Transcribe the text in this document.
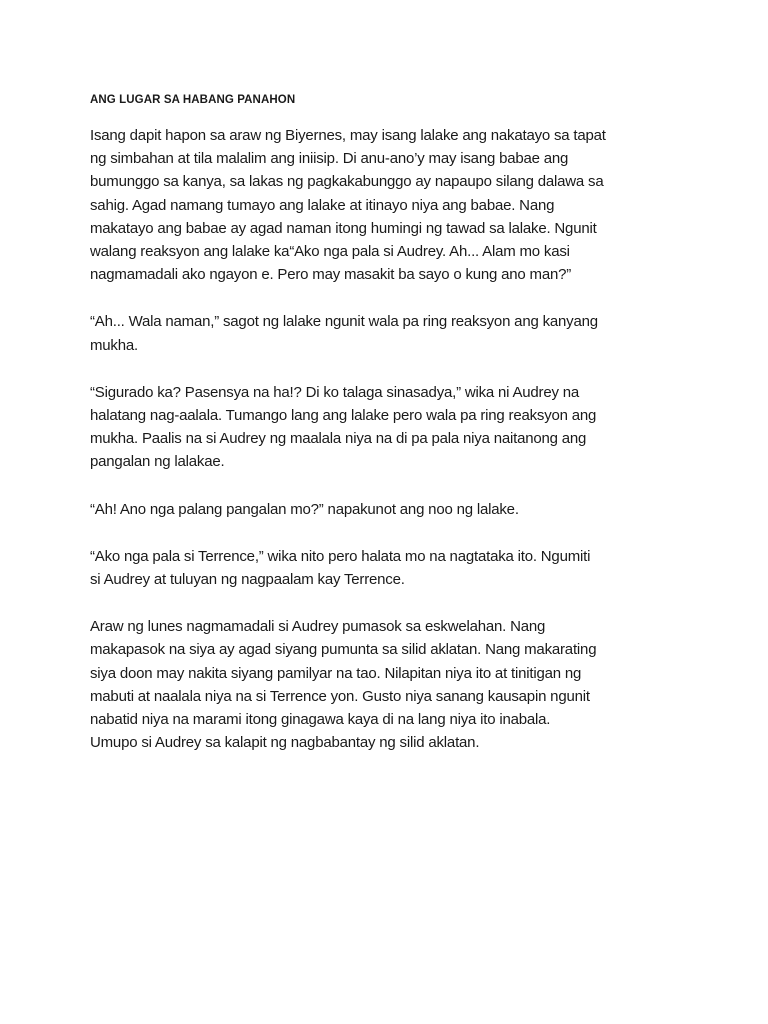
ANG LUGAR SA HABANG PANAHON

Isang dapit hapon sa araw ng Biyernes, may isang lalake ang nakatayo sa tapat
ng simbahan at tila malalim ang iniisip. Di anu-ano’y may isang babae ang
bumunggo sa kanya, sa lakas ng pagkakabunggo ay napaupo silang dalawa sa
sahig. Agad namang tumayo ang lalake at itinayo niya ang babae. Nang
makatayo ang babae ay agad naman itong humingi ng tawad sa lalake. Ngunit
walang reaksyon ang lalake ka“Ako nga pala si Audrey. Ah... Alam mo kasi
nagmamadali ako ngayon e. Pero may masakit ba sayo o kung ano man?”

“Ah... Wala naman,” sagot ng lalake ngunit wala pa ring reaksyon ang kanyang
mukha.

“Sigurado ka? Pasensya na ha!? Di ko talaga sinasadya,” wika ni Audrey na
halatang nag-aalala. Tumango lang ang lalake pero wala pa ring reaksyon ang
mukha. Paalis na si Audrey ng maalala niya na di pa pala niya naitanong ang
pangalan ng lalakae.

“Ah! Ano nga palang pangalan mo?” napakunot ang noo ng lalake.

“Ako nga pala si Terrence,” wika nito pero halata mo na nagtataka ito. Ngumiti
si Audrey at tuluyan ng nagpaalam kay Terrence.

Araw ng lunes nagmamadali si Audrey pumasok sa eskwelahan. Nang
makapasok na siya ay agad siyang pumunta sa silid aklatan. Nang makarating
siya doon may nakita siyang pamilyar na tao. Nilapitan niya ito at tinitigan ng
mabuti at naalala niya na si Terrence yon. Gusto niya sanang kausapin ngunit
nabatid niya na marami itong ginagawa kaya di na lang niya ito inabala.
Umupo si Audrey sa kalapit ng nagbabantay ng silid aklatan.
